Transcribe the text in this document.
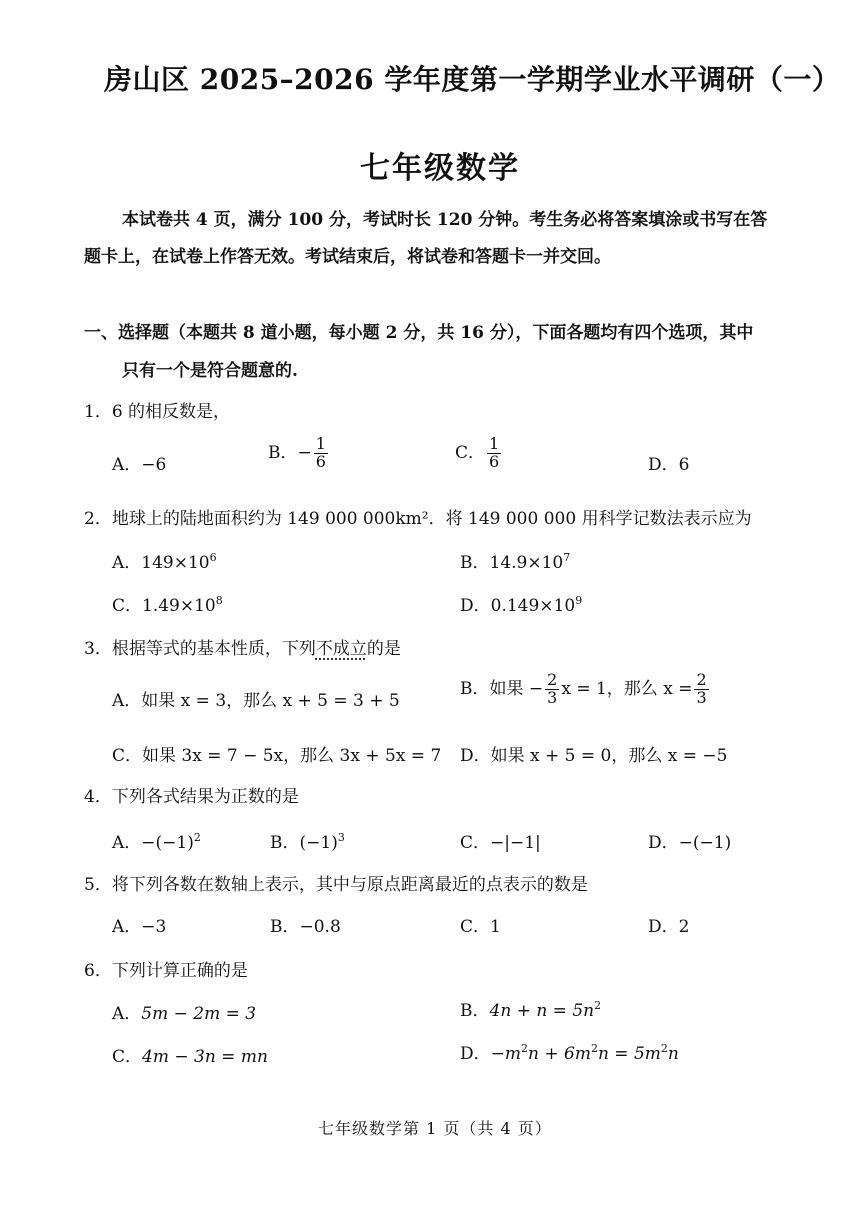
房山区 2025–2026 学年度第一学期学业水平调研（一）
七年级数学
本试卷共 4 页，满分 100 分，考试时长 120 分钟。考生务必将答案填涂或书写在答
题卡上，在试卷上作答无效。考试结束后，将试卷和答题卡一并交回。
一、选择题（本题共 8 道小题，每小题 2 分，共 16 分），下面各题均有四个选项，其中
只有一个是符合题意的.
1．6 的相反数是，
A．−6
B．− $\frac{1}{6}$	C． $\frac{1}{6}$	D．6
2．地球上的陆地面积约为 149 000 000km²．将 149 000 000 用科学记数法表示应为
A．$149\times 10^6$	B．$14.9\times 10^7$
C．$1.49\times 10^8$	D．$0.149\times 10^9$
3．根据等式的基本性质，下列不成立的是
A．如果 x = 3，那么 x + 5 = 3 + 5
B．如果 − $\frac{2}{3}$ x = 1，那么 $x = \frac{2}{3}$
C．如果 3x = 7 − 5x，那么 3x + 5x = 7 D．如果 x + 5 = 0，那么 x = −5
4．下列各式结果为正数的是
A．$-(-1)^2$	B．$(-1)^3$	C．−|−1|	D．−(−1)
5．将下列各数在数轴上表示，其中与原点距离最近的点表示的数是
A．−3	B．−0.8	C．1	D．2
6．下列计算正确的是
A．5m − 2m = 3	B．$4n + n = 5n^2$
C．4m − 3n = mn	D．$-m^2n + 6m^2n = 5m^2n$
七年级数学第 1 页（共 4 页）
